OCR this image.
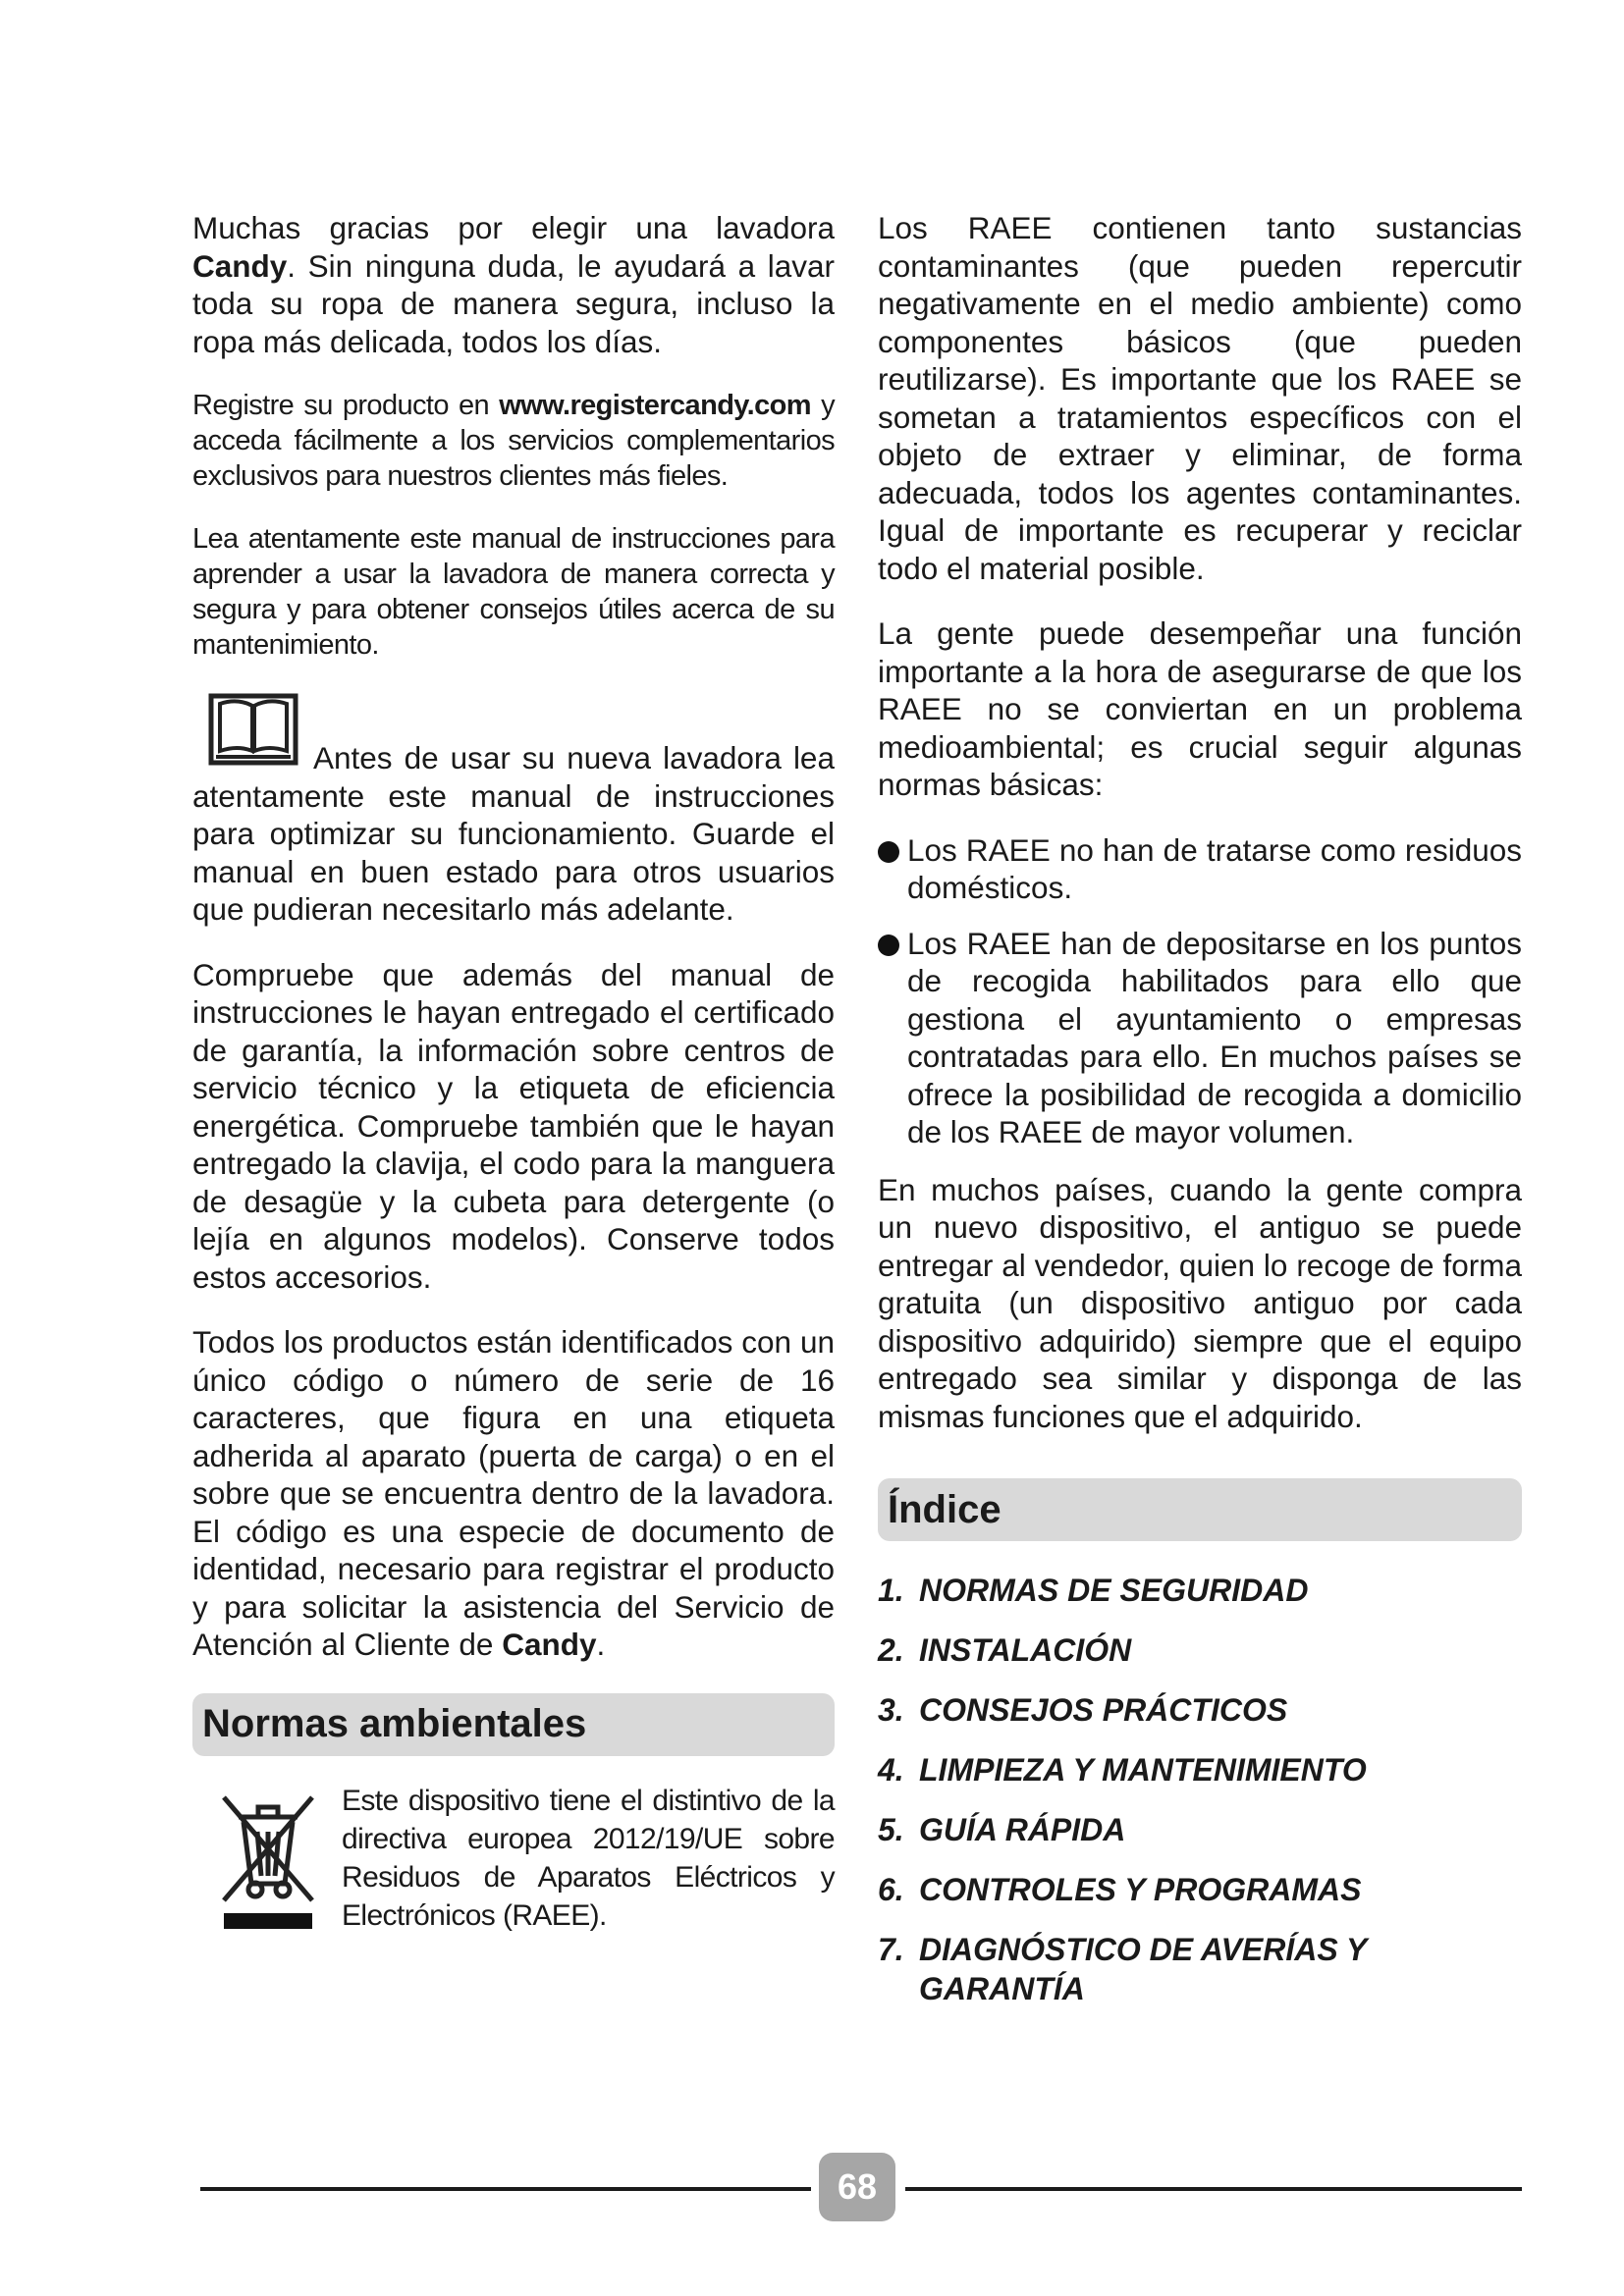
Muchas gracias por elegir una lavadora Candy. Sin ninguna duda, le ayudará a lavar toda su ropa de manera segura, incluso la ropa más delicada, todos los días.

Registre su producto en www.registercandy.com y acceda fácilmente a los servicios complementarios exclusivos para nuestros clientes más fieles.

Lea atentamente este manual de instrucciones para aprender a usar la lavadora de manera correcta y segura y para obtener consejos útiles acerca de su mantenimiento.

Antes de usar su nueva lavadora lea atentamente este manual de instrucciones para optimizar su funcionamiento. Guarde el manual en buen estado para otros usuarios que pudieran necesitarlo más adelante.

Compruebe que además del manual de instrucciones le hayan entregado el certificado de garantía, la información sobre centros de servicio técnico y la etiqueta de eficiencia energética. Compruebe también que le hayan entregado la clavija, el codo para la manguera de desagüe y la cubeta para detergente (o lejía en algunos modelos). Conserve todos estos accesorios.

Todos los productos están identificados con un único código o número de serie de 16 caracteres, que figura en una etiqueta adherida al aparato (puerta de carga) o en el sobre que se encuentra dentro de la lavadora. El código es una especie de documento de identidad, necesario para registrar el producto y para solicitar la asistencia del Servicio de Atención al Cliente de Candy.

Normas ambientales

Este dispositivo tiene el distintivo de la directiva europea 2012/19/UE sobre Residuos de Aparatos Eléctricos y Electrónicos (RAEE).

Los RAEE contienen tanto sustancias contaminantes (que pueden repercutir negativamente en el medio ambiente) como componentes básicos (que pueden reutilizarse). Es importante que los RAEE se sometan a tratamientos específicos con el objeto de extraer y eliminar, de forma adecuada, todos los agentes contaminantes. Igual de importante es recuperar y reciclar todo el material posible.

La gente puede desempeñar una función importante a la hora de asegurarse de que los RAEE no se conviertan en un problema medioambiental; es crucial seguir algunas normas básicas:

Los RAEE no han de tratarse como residuos domésticos.
Los RAEE han de depositarse en los puntos de recogida habilitados para ello que gestiona el ayuntamiento o empresas contratadas para ello. En muchos países se ofrece la posibilidad de recogida a domicilio de los RAEE de mayor volumen.

En muchos países, cuando la gente compra un nuevo dispositivo, el antiguo se puede entregar al vendedor, quien lo recoge de forma gratuita (un dispositivo antiguo por cada dispositivo adquirido) siempre que el equipo entregado sea similar y disponga de las mismas funciones que el adquirido.

Índice
1. NORMAS DE SEGURIDAD
2. INSTALACIÓN
3. CONSEJOS PRÁCTICOS
4. LIMPIEZA Y MANTENIMIENTO
5. GUÍA RÁPIDA
6. CONTROLES Y PROGRAMAS
7. DIAGNÓSTICO DE AVERÍAS Y GARANTÍA
68
